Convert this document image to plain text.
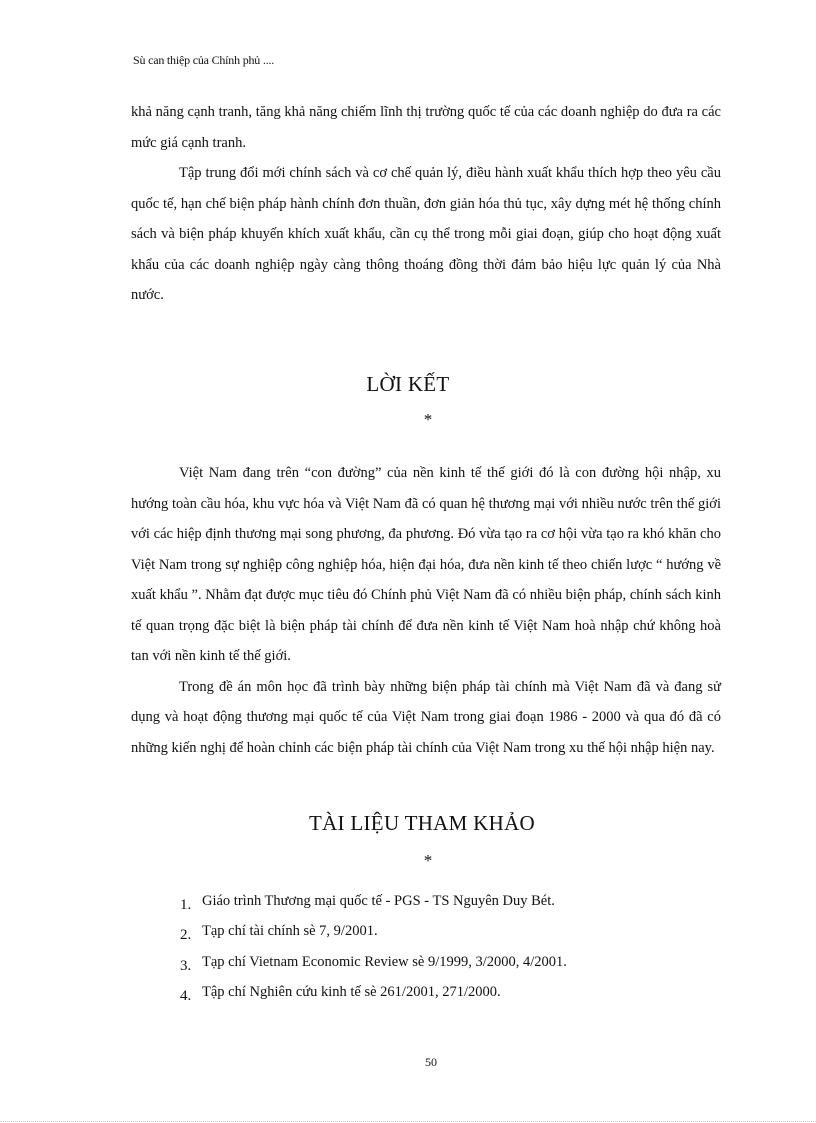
Sù can thiệp của Chính phủ ....

khả năng cạnh tranh, tăng khả năng chiếm lĩnh thị trường quốc tế của các doanh nghiệp do đưa ra các mức giá cạnh tranh.

Tập trung đổi mới chính sách và cơ chế quản lý, điều hành xuất khẩu thích hợp theo yêu cầu quốc tế, hạn chế biện pháp hành chính đơn thuần, đơn giản hóa thủ tục, xây dựng mét hệ thống chính sách và biện pháp khuyến khích xuất khẩu, cần cụ thể trong mỗi giai đoạn, giúp cho hoạt động xuất khẩu của các doanh nghiệp ngày càng thông thoáng đồng thời đảm bảo hiệu lực quản lý của Nhà nước.

LỜI KẾT
*

Việt Nam đang trên “con đường” của nền kinh tế thế giới đó là con đường hội nhập, xu hướng toàn cầu hóa, khu vực hóa và Việt Nam đã có quan hệ thương mại với nhiều nước trên thế giới với các hiệp định thương mại song phương, đa phương. Đó vừa tạo ra cơ hội vừa tạo ra khó khăn cho Việt Nam trong sự nghiệp công nghiệp hóa, hiện đại hóa, đưa nền kinh tế theo chiến lược “ hướng về xuất khẩu ”. Nhằm đạt được mục tiêu đó Chính phủ Việt Nam đã có nhiều biện pháp, chính sách kinh tế quan trọng đặc biệt là biện pháp tài chính để đưa nền kinh tế Việt Nam hoà nhập chứ không hoà tan với nền kinh tế thế giới.

Trong đề án môn học đã trình bày những biện pháp tài chính mà Việt Nam đã và đang sử dụng và hoạt động thương mại quốc tế của Việt Nam trong giai đoạn 1986 - 2000 và qua đó đã có những kiến nghị để hoàn chỉnh các biện pháp tài chính của Việt Nam trong xu thế hội nhập hiện nay.

TÀI LIỆU THAM KHẢO
*
1. Giáo trình Thương mại quốc tế - PGS - TS Nguyên Duy Bét.
2. Tạp chí tài chính sè 7, 9/2001.
3. Tạp chí Vietnam Economic Review sè 9/1999, 3/2000, 4/2001.
4. Tập chí Nghiên cứu kinh tế sè 261/2001, 271/2000.
50
